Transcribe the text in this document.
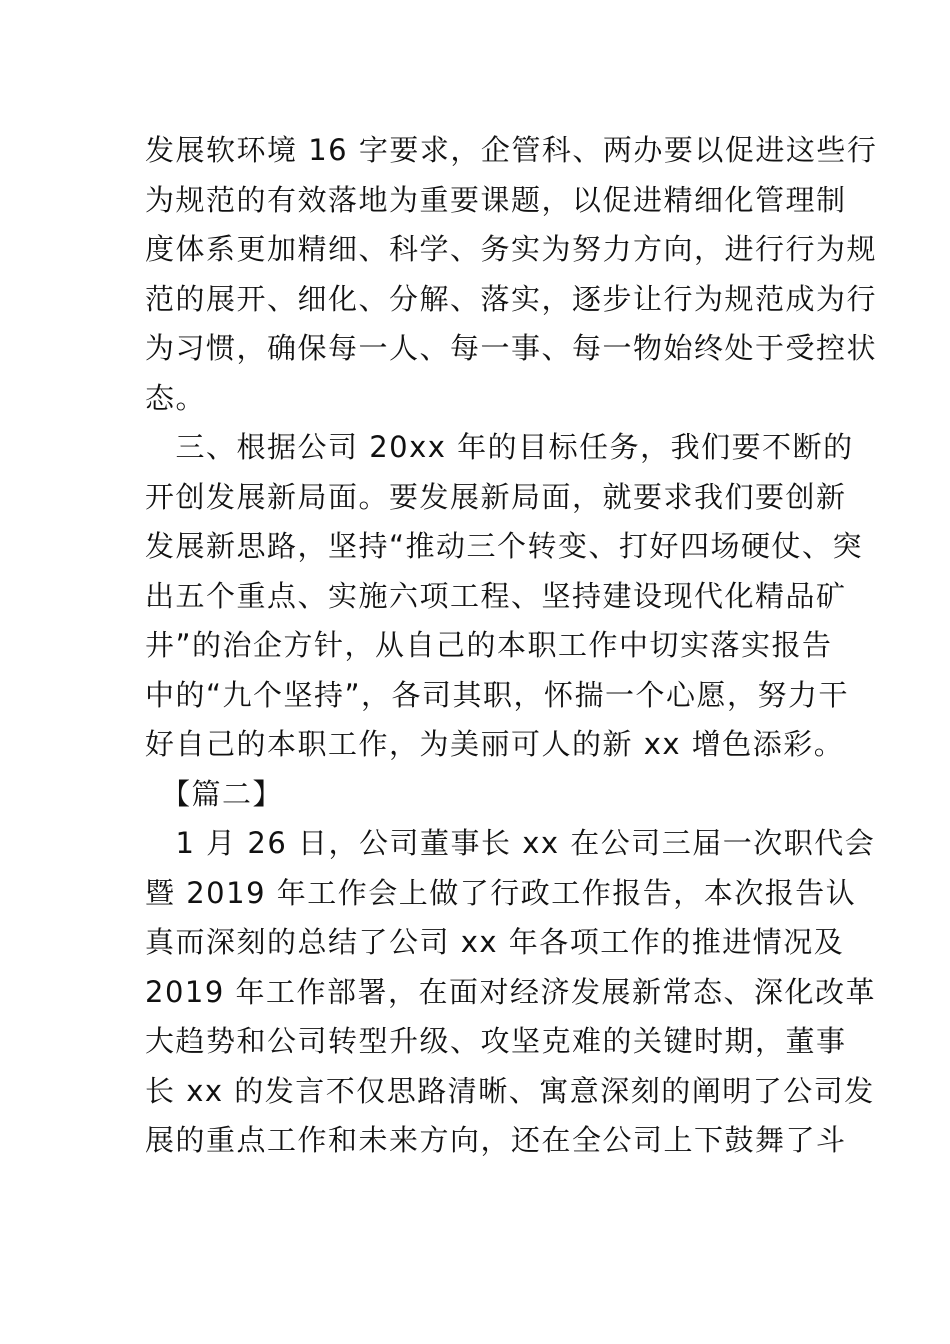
发展软环境 16 字要求，企管科、两办要以促进这些行
为规范的有效落地为重要课题，以促进精细化管理制
度体系更加精细、科学、务实为努力方向，进行行为规
范的展开、细化、分解、落实，逐步让行为规范成为行
为习惯，确保每一人、每一事、每一物始终处于受控状
态。
　三、根据公司 20xx 年的目标任务，我们要不断的
开创发展新局面。要发展新局面，就要求我们要创新
发展新思路，坚持“推动三个转变、打好四场硬仗、突
出五个重点、实施六项工程、坚持建设现代化精品矿
井”的治企方针，从自己的本职工作中切实落实报告
中的“九个坚持”，各司其职，怀揣一个心愿，努力干
好自己的本职工作，为美丽可人的新 xx 增色添彩。
　【篇二】
　1 月 26 日，公司董事长 xx 在公司三届一次职代会
暨 2019 年工作会上做了行政工作报告，本次报告认
真而深刻的总结了公司 xx 年各项工作的推进情况及
2019 年工作部署，在面对经济发展新常态、深化改革
大趋势和公司转型升级、攻坚克难的关键时期，董事
长 xx 的发言不仅思路清晰、寓意深刻的阐明了公司发
展的重点工作和未来方向，还在全公司上下鼓舞了斗
